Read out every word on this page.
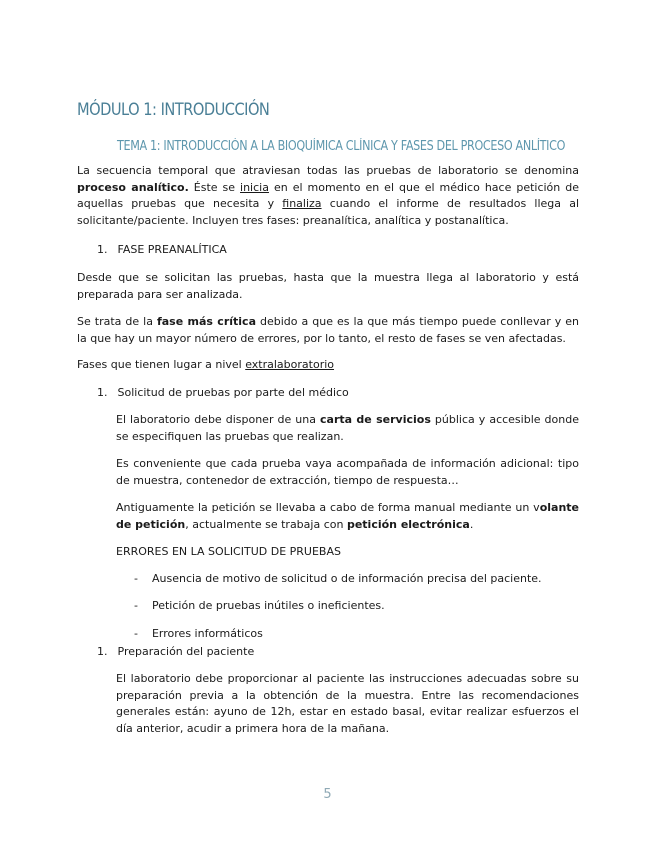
MÓDULO 1: INTRODUCCIÓN
TEMA 1: INTRODUCCIÓN A LA BIOQUÍMICA CLÍNICA Y FASES DEL PROCESO ANLÍTICO

La secuencia temporal que atraviesan todas las pruebas de laboratorio se denomina proceso analítico. Éste se inicia en el momento en el que el médico hace petición de aquellas pruebas que necesita y finaliza cuando el informe de resultados llega al solicitante/paciente. Incluyen tres fases: preanalítica, analítica y postanalítica.

1. FASE PREANALÍTICA

Desde que se solicitan las pruebas, hasta que la muestra llega al laboratorio y está preparada para ser analizada.

Se trata de la fase más crítica debido a que es la que más tiempo puede conllevar y en la que hay un mayor número de errores, por lo tanto, el resto de fases se ven afectadas.

Fases que tienen lugar a nivel extralaboratorio
1. Solicitud de pruebas por parte del médico

El laboratorio debe disponer de una carta de servicios pública y accesible donde se especifiquen las pruebas que realizan.

Es conveniente que cada prueba vaya acompañada de información adicional: tipo de muestra, contenedor de extracción, tiempo de respuesta…

Antiguamente la petición se llevaba a cabo de forma manual mediante un volante de petición, actualmente se trabaja con petición electrónica.

ERRORES EN LA SOLICITUD DE PRUEBAS
- Ausencia de motivo de solicitud o de información precisa del paciente.
- Petición de pruebas inútiles o ineficientes.
- Errores informáticos
1. Preparación del paciente

El laboratorio debe proporcionar al paciente las instrucciones adecuadas sobre su preparación previa a la obtención de la muestra. Entre las recomendaciones generales están: ayuno de 12h, estar en estado basal, evitar realizar esfuerzos el día anterior, acudir a primera hora de la mañana.

5
